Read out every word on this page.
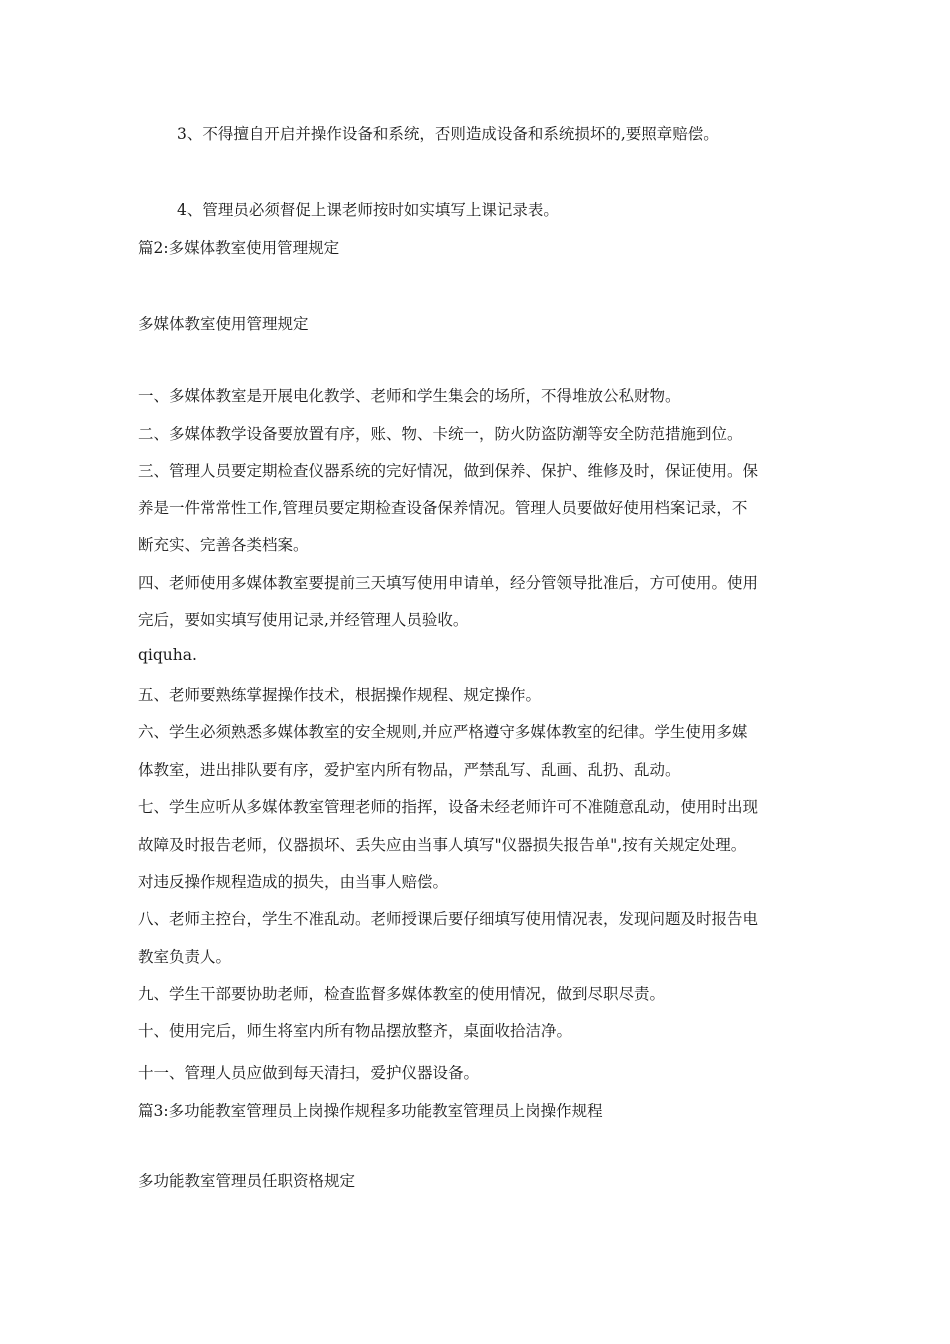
3、不得擅自开启并操作设备和系统，否则造成设备和系统损坏的,要照章赔偿。
4、管理员必须督促上课老师按时如实填写上课记录表。
篇2:多媒体教室使用管理规定
多媒体教室使用管理规定
一、多媒体教室是开展电化教学、老师和学生集会的场所，不得堆放公私财物。
二、多媒体教学设备要放置有序，账、物、卡统一，防火防盗防潮等安全防范措施到位。
三、管理人员要定期检查仪器系统的完好情况，做到保养、保护、维修及时，保证使用。保
养是一件常常性工作,管理员要定期检查设备保养情况。管理人员要做好使用档案记录，不
断充实、完善各类档案。
四、老师使用多媒体教室要提前三天填写使用申请单，经分管领导批准后，方可使用。使用
完后，要如实填写使用记录,并经管理人员验收。
qiquha.
五、老师要熟练掌握操作技术，根据操作规程、规定操作。
六、学生必须熟悉多媒体教室的安全规则,并应严格遵守多媒体教室的纪律。学生使用多媒
体教室，进出排队要有序，爱护室内所有物品，严禁乱写、乱画、乱扔、乱动。
七、学生应听从多媒体教室管理老师的指挥，设备未经老师许可不准随意乱动，使用时出现
故障及时报告老师，仪器损坏、丢失应由当事人填写"仪器损失报告单",按有关规定处理。
对违反操作规程造成的损失，由当事人赔偿。
八、老师主控台，学生不准乱动。老师授课后要仔细填写使用情况表，发现问题及时报告电
教室负责人。
九、学生干部要协助老师，检查监督多媒体教室的使用情况，做到尽职尽责。
十、使用完后，师生将室内所有物品摆放整齐，桌面收拾洁净。
十一、管理人员应做到每天清扫，爱护仪器设备。
篇3:多功能教室管理员上岗操作规程多功能教室管理员上岗操作规程
多功能教室管理员任职资格规定
